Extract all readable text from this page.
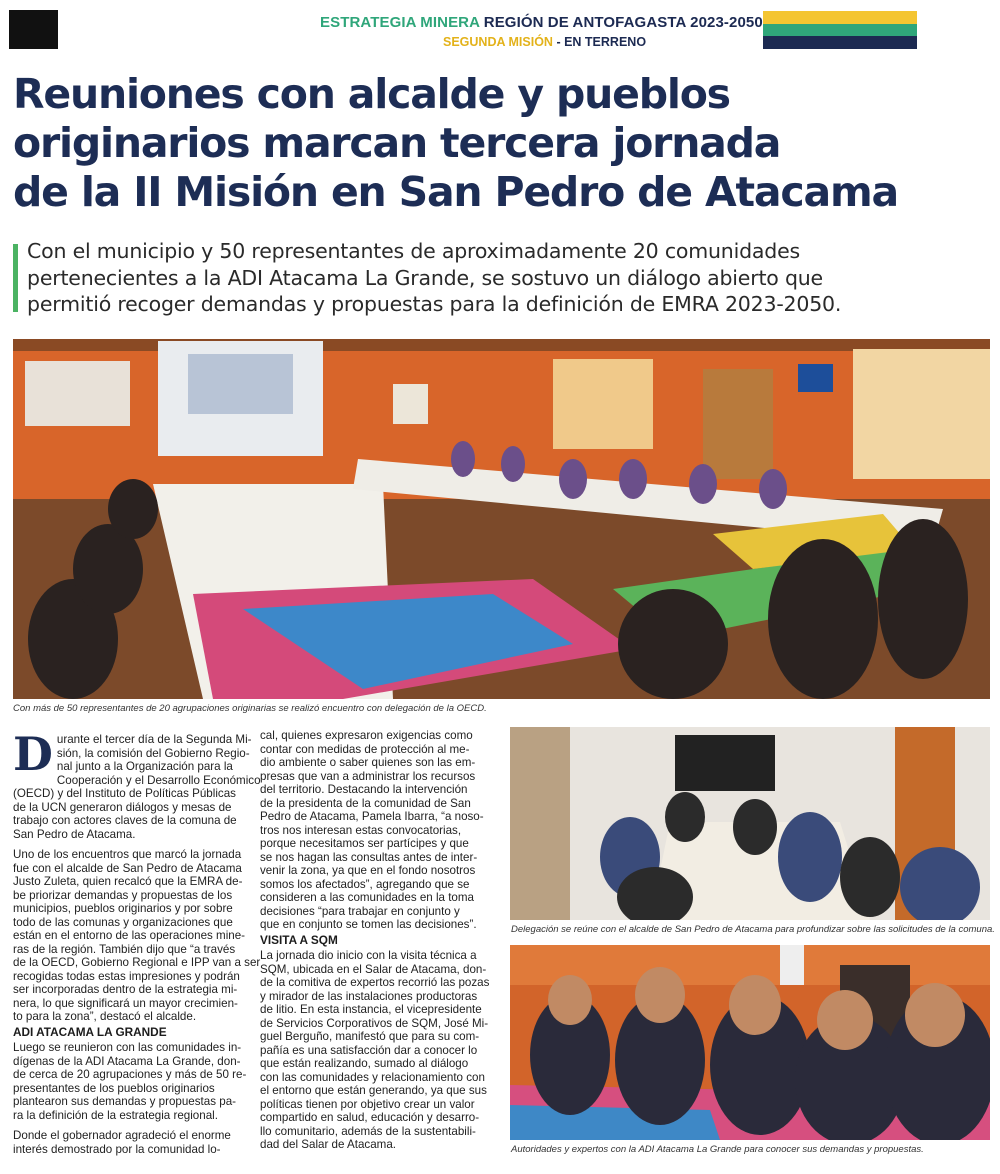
ESTRATEGIA MINERA REGIÓN DE ANTOFAGASTA 2023-2050
SEGUNDA MISIÓN - EN TERRENO
Reuniones con alcalde y pueblos
originarios marcan tercera jornada
de la II Misión en San Pedro de Atacama

Con el municipio y 50 representantes de aproximadamente 20 comunidades
pertenecientes a la ADI Atacama La Grande, se sostuvo un diálogo abierto que
permitió recoger demandas y propuestas para la definición de EMRA 2023-2050.

Con más de 50 representantes de 20 agrupaciones originarias se realizó encuentro con delegación de la OECD.
Delegación se reúne con el alcalde de San Pedro de Atacama para profundizar sobre las solicitudes de la comuna.
Autoridades y expertos con la ADI Atacama La Grande para conocer sus demandas y propuestas.
D urante el tercer día de la Segunda Mi-
sión, la comisión del Gobierno Regio-
nal junto a la Organización para la
Cooperación y el Desarrollo Económico
(OECD) y del Instituto de Políticas Públicas
de la UCN generaron diálogos y mesas de
trabajo con actores claves de la comuna de
San Pedro de Atacama.
Uno de los encuentros que marcó la jornada
fue con el alcalde de San Pedro de Atacama
Justo Zuleta, quien recalcó que la EMRA de-
be priorizar demandas y propuestas de los
municipios, pueblos originarios y por sobre
todo de las comunas y organizaciones que
están en el entorno de las operaciones mine-
ras de la región. También dijo que “a través
de la OECD, Gobierno Regional e IPP van a ser
recogidas todas estas impresiones y podrán
ser incorporadas dentro de la estrategia mi-
nera, lo que significará un mayor crecimien-
to para la zona”, destacó el alcalde.
ADI ATACAMA LA GRANDE
Luego se reunieron con las comunidades in-
dígenas de la ADI Atacama La Grande, don-
de cerca de 20 agrupaciones y más de 50 re-
presentantes de los pueblos originarios
plantearon sus demandas y propuestas pa-
ra la definición de la estrategia regional.
Donde el gobernador agradeció el enorme
interés demostrado por la comunidad lo-
cal, quienes expresaron exigencias como
contar con medidas de protección al me-
dio ambiente o saber quienes son las em-
presas que van a administrar los recursos
del territorio. Destacando la intervención
de la presidenta de la comunidad de San
Pedro de Atacama, Pamela Ibarra, “a noso-
tros nos interesan estas convocatorias,
porque necesitamos ser partícipes y que
se nos hagan las consultas antes de inter-
venir la zona, ya que en el fondo nosotros
somos los afectados”, agregando que se
consideren a las comunidades en la toma
decisiones “para trabajar en conjunto y
que en conjunto se tomen las decisiones”.
VISITA A SQM
La jornada dio inicio con la visita técnica a
SQM, ubicada en el Salar de Atacama, don-
de la comitiva de expertos recorrió las pozas
y mirador de las instalaciones productoras
de litio. En esta instancia, el vicepresidente
de Servicios Corporativos de SQM, José Mi-
guel Berguño, manifestó que para su com-
pañía es una satisfacción dar a conocer lo
que están realizando, sumado al diálogo
con las comunidades y relacionamiento con
el entorno que están generando, ya que sus
políticas tienen por objetivo crear un valor
compartido en salud, educación y desarro-
llo comunitario, además de la sustentabili-
dad del Salar de Atacama.
